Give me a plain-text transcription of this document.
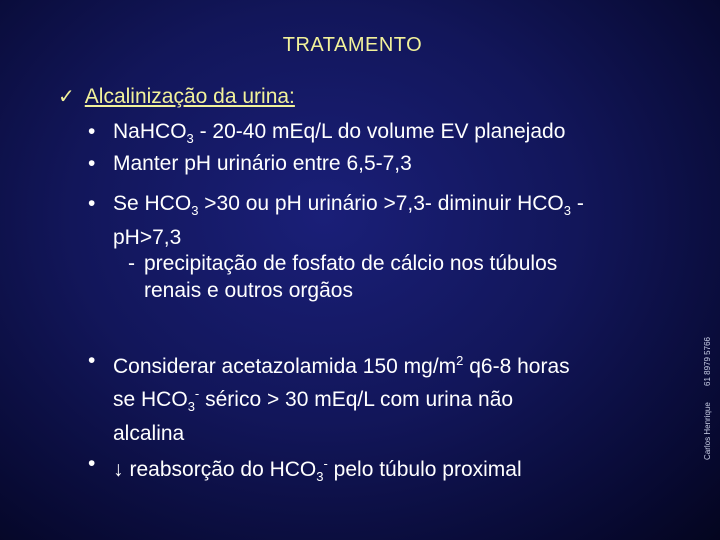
TRATAMENTO
✓ Alcalinização da urina:
• NaHCO$_3$ - 20-40 mEq/L do volume EV planejado
• Manter pH urinário entre 6,5-7,3
• Se $HCO_3 >30$ ou pH urinário >7,3- diminuir $HCO_3$ -
pH>7,3
- precipitação de fosfato de cálcio nos túbulos
renais e outros orgãos
• Considerar acetazolamida 150 $mg/m^2$ q6-8 horas
se $HCO_3^-$ sérico > 30 mEq/L com urina não
alcalina
• ↓ reabsorção do $HCO_3^-$ pelo túbulo proximal
Carlos Henrique 61 8979 5766
